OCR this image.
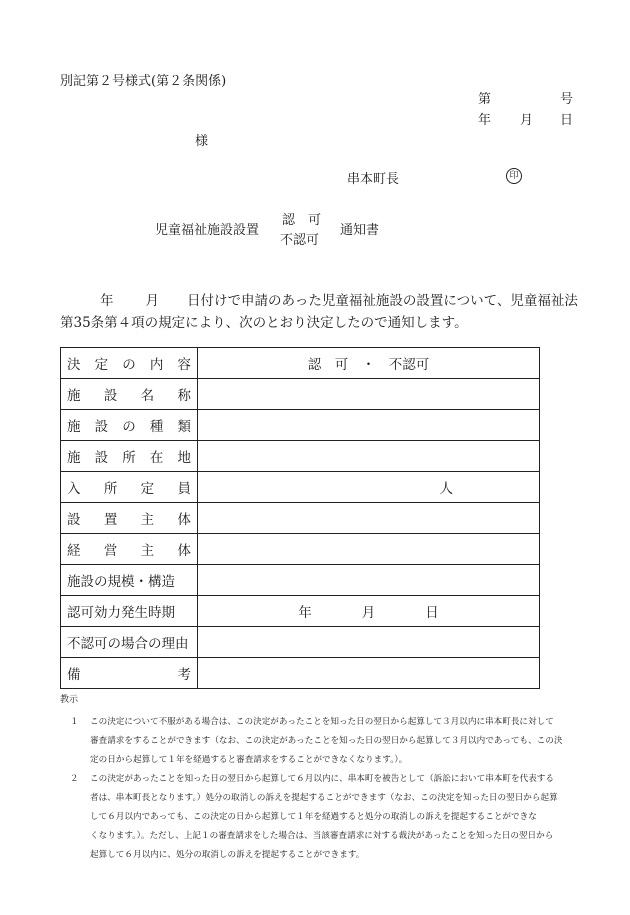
別記第２号様式(第２条関係)
第	号
年 月 日
様
串本町長	印
児童福祉施設設置
認　可
不認可
通知書
年 月 日付けで申請のあった児童福祉施設の設置について、児童福祉法
第35条第４項の規定により、次のとおり決定したので通知します。
決 定 の 内 容	認　可　・　不認可

施 設 名 称	

施 設 の 種 類	

施 設 所 在 地	

入 所 定 員	人

設 置 主 体	

経 営 主 体	

施設の規模・構造	

認可効力発生時期	年 月 日

不認可の場合の理由	

備 考	

教示
１ この決定について不服がある場合は、この決定があったことを知った日の翌日から起算して３月以内に串本町長に対して
審査請求をすることができます（なお、この決定があったことを知った日の翌日から起算して３月以内であっても、この決
定の日から起算して１年を経過すると審査請求をすることができなくなります。）。
２ この決定があったことを知った日の翌日から起算して６月以内に、串本町を被告として（訴訟において串本町を代表する
者は、串本町長となります。）処分の取消しの訴えを提起することができます（なお、この決定を知った日の翌日から起算
して６月以内であっても、この決定の日から起算して１年を経過すると処分の取消しの訴えを提起することができな
くなります。）。ただし、上記１の審査請求をした場合は、当該審査請求に対する裁決があったことを知った日の翌日から
起算して６月以内に、処分の取消しの訴えを提起することができます。
